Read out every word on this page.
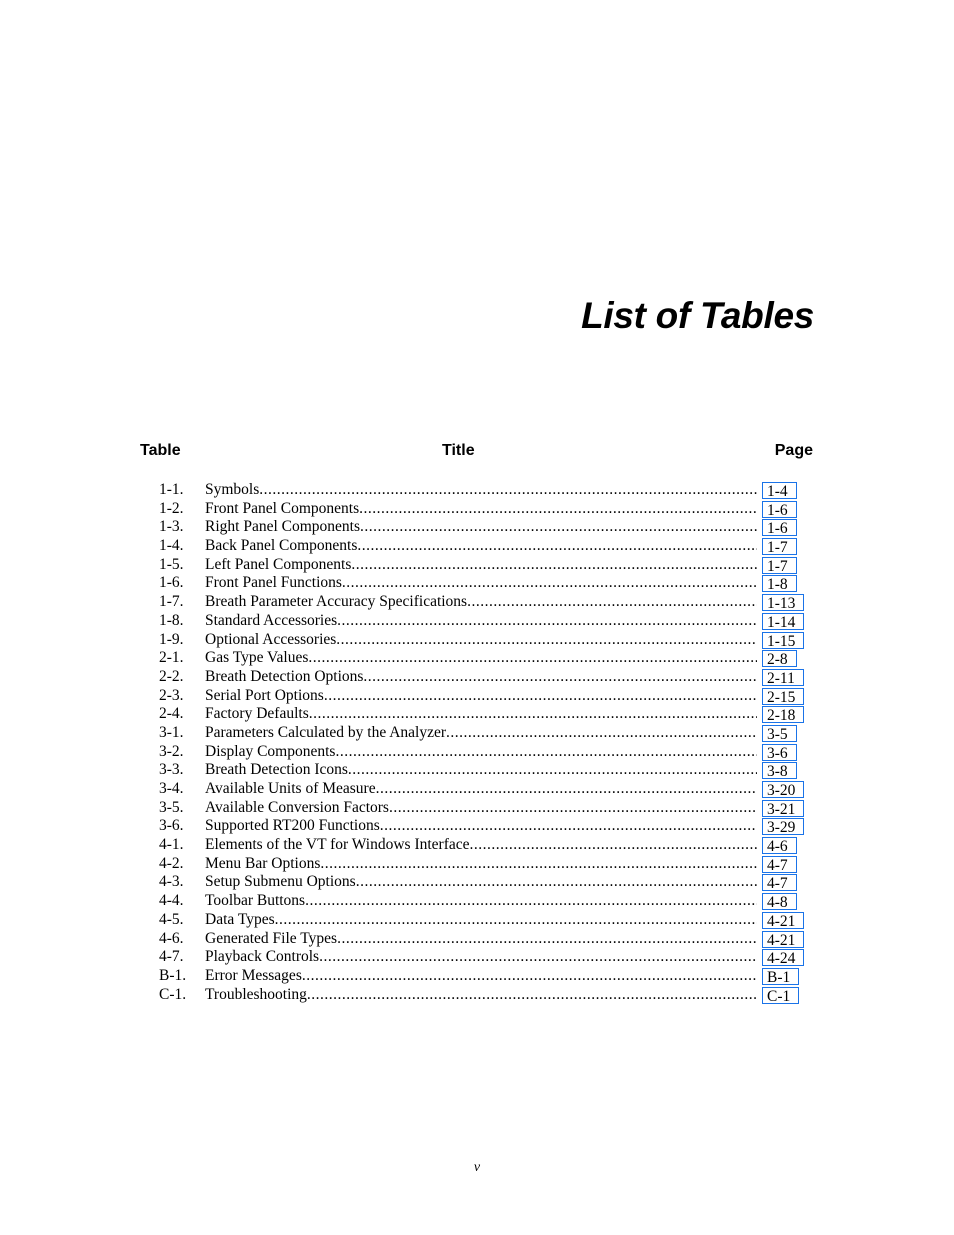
List of Tables
Table	Title	Page
1-1. Symbols .....	1-4
1-2. Front Panel Components .....	1-6
1-3. Right Panel Components .....	1-6
1-4. Back Panel Components .....	1-7
1-5. Left Panel Components .....	1-7
1-6. Front Panel Functions .....	1-8
1-7. Breath Parameter Accuracy Specifications .....	1-13
1-8. Standard Accessories .....	1-14
1-9. Optional Accessories .....	1-15
2-1. Gas Type Values .....	2-8
2-2. Breath Detection Options .....	2-11
2-3. Serial Port Options .....	2-15
2-4. Factory Defaults .....	2-18
3-1. Parameters Calculated by the Analyzer .....	3-5
3-2. Display Components .....	3-6
3-3. Breath Detection Icons .....	3-8
3-4. Available Units of Measure .....	3-20
3-5. Available Conversion Factors .....	3-21
3-6. Supported RT200 Functions .....	3-29
4-1. Elements of the VT for Windows Interface .....	4-6
4-2. Menu Bar Options .....	4-7
4-3. Setup Submenu Options .....	4-7
4-4. Toolbar Buttons .....	4-8
4-5. Data Types .....	4-21
4-6. Generated File Types .....	4-21
4-7. Playback Controls .....	4-24
B-1. Error Messages .....	B-1
C-1. Troubleshooting .....	C-1
v
